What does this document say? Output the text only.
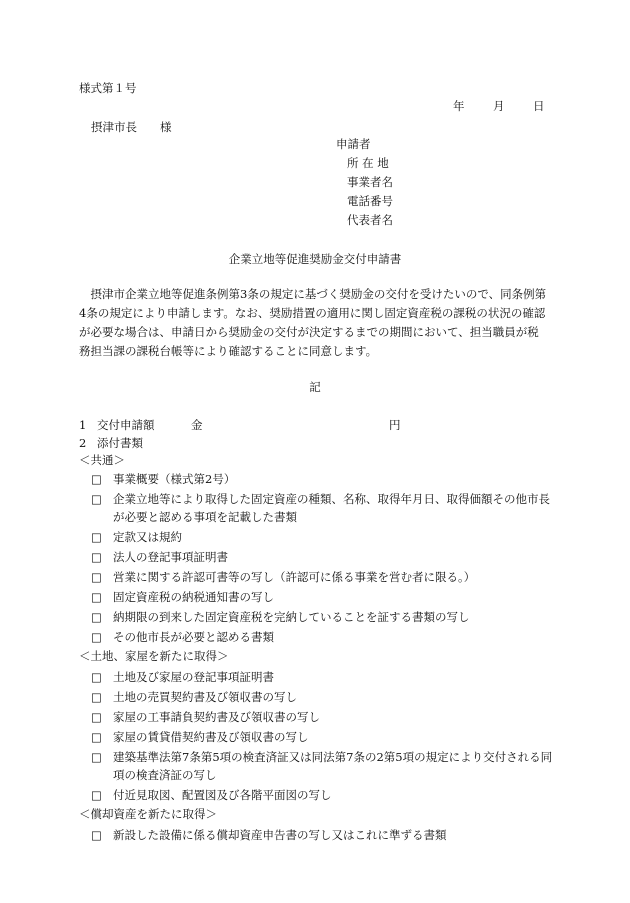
様式第１号
年 月 日
摂津市長　　様
申請者
所 在 地
事業者名
電話番号
代表者名
企業立地等促進奨励金交付申請書

摂津市企業立地等促進条例第3条の規定に基づく奨励金の交付を受けたいので、同条例第4条の規定により申請します。なお、奨励措置の適用に関し固定資産税の課税の状況の確認が必要な場合は、申請日から奨励金の交付が決定するまでの期間において、担当職員が税務担当課の課税台帳等により確認することに同意します。

記
1 交付申請額	金	円
2 添付書類
＜共通＞
□ 事業概要（様式第2号）
□ 企業立地等により取得した固定資産の種類、名称、取得年月日、取得価額その他市長が必要と認める事項を記載した書類
□ 定款又は規約
□ 法人の登記事項証明書
□ 営業に関する許認可書等の写し（許認可に係る事業を営む者に限る。）
□ 固定資産税の納税通知書の写し
□ 納期限の到来した固定資産税を完納していることを証する書類の写し
□ その他市長が必要と認める書類
＜土地、家屋を新たに取得＞
□ 土地及び家屋の登記事項証明書
□ 土地の売買契約書及び領収書の写し
□ 家屋の工事請負契約書及び領収書の写し
□ 家屋の賃貸借契約書及び領収書の写し
□ 建築基準法第7条第5項の検査済証又は同法第7条の2第5項の規定により交付される同項の検査済証の写し
□ 付近見取図、配置図及び各階平面図の写し
＜償却資産を新たに取得＞
□ 新設した設備に係る償却資産申告書の写し又はこれに準ずる書類
